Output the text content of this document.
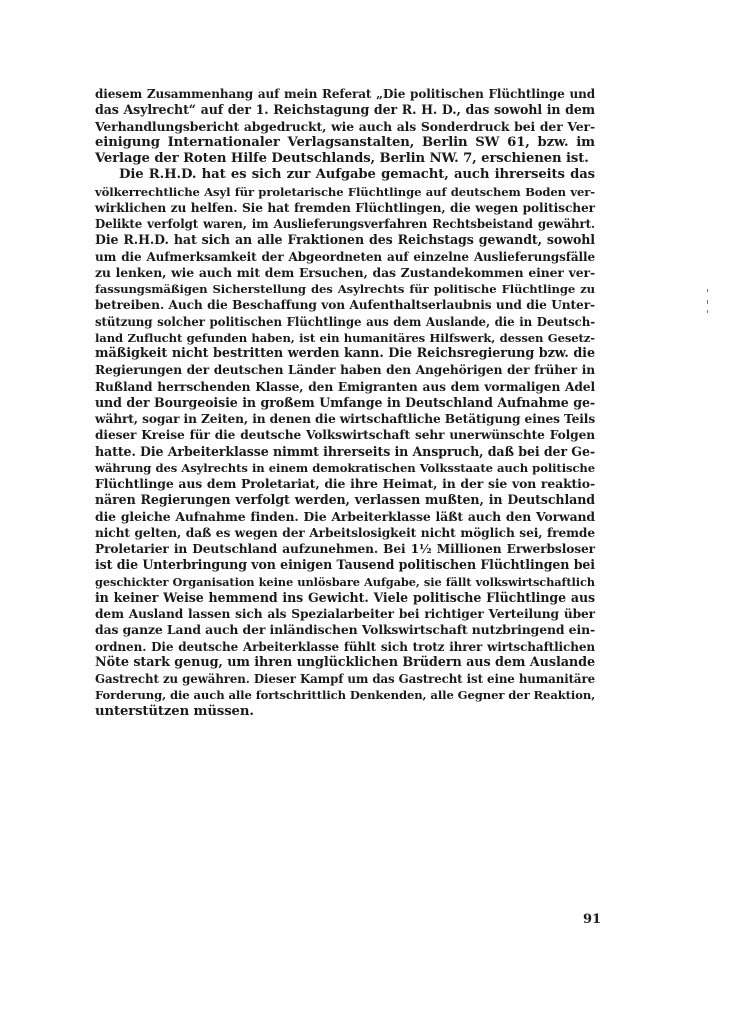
diesem Zusammenhang auf mein Referat „Die politischen Flüchtlinge und
das Asylrecht“ auf der 1. Reichstagung der R. H. D., das sowohl in dem
Verhandlungsbericht abgedruckt, wie auch als Sonderdruck bei der Ver-
einigung Internationaler Verlagsanstalten, Berlin SW 61, bzw. im
Verlage der Roten Hilfe Deutschlands, Berlin NW. 7, erschienen ist.
Die R.H.D. hat es sich zur Aufgabe gemacht, auch ihrerseits das
völkerrechtliche Asyl für proletarische Flüchtlinge auf deutschem Boden ver-
wirklichen zu helfen. Sie hat fremden Flüchtlingen, die wegen politischer
Delikte verfolgt waren, im Auslieferungsverfahren Rechtsbeistand gewährt.
Die R.H.D. hat sich an alle Fraktionen des Reichstags gewandt, sowohl
um die Aufmerksamkeit der Abgeordneten auf einzelne Auslieferungsfälle
zu lenken, wie auch mit dem Ersuchen, das Zustandekommen einer ver-
fassungsmäßigen Sicherstellung des Asylrechts für politische Flüchtlinge zu
betreiben. Auch die Beschaffung von Aufenthaltserlaubnis und die Unter-
stützung solcher politischen Flüchtlinge aus dem Auslande, die in Deutsch-
land Zuflucht gefunden haben, ist ein humanitäres Hilfswerk, dessen Gesetz-
mäßigkeit nicht bestritten werden kann. Die Reichsregierung bzw. die
Regierungen der deutschen Länder haben den Angehörigen der früher in
Rußland herrschenden Klasse, den Emigranten aus dem vormaligen Adel
und der Bourgeoisie in großem Umfange in Deutschland Aufnahme ge-
währt, sogar in Zeiten, in denen die wirtschaftliche Betätigung eines Teils
dieser Kreise für die deutsche Volkswirtschaft sehr unerwünschte Folgen
hatte. Die Arbeiterklasse nimmt ihrerseits in Anspruch, daß bei der Ge-
währung des Asylrechts in einem demokratischen Volksstaate auch politische
Flüchtlinge aus dem Proletariat, die ihre Heimat, in der sie von reaktio-
nären Regierungen verfolgt werden, verlassen mußten, in Deutschland
die gleiche Aufnahme finden. Die Arbeiterklasse läßt auch den Vorwand
nicht gelten, daß es wegen der Arbeitslosigkeit nicht möglich sei, fremde
Proletarier in Deutschland aufzunehmen. Bei 1½ Millionen Erwerbsloser
ist die Unterbringung von einigen Tausend politischen Flüchtlingen bei
geschickter Organisation keine unlösbare Aufgabe, sie fällt volkswirtschaftlich
in keiner Weise hemmend ins Gewicht. Viele politische Flüchtlinge aus
dem Ausland lassen sich als Spezialarbeiter bei richtiger Verteilung über
das ganze Land auch der inländischen Volkswirtschaft nutzbringend ein-
ordnen. Die deutsche Arbeiterklasse fühlt sich trotz ihrer wirtschaftlichen
Nöte stark genug, um ihren unglücklichen Brüdern aus dem Auslande
Gastrecht zu gewähren. Dieser Kampf um das Gastrecht ist eine humanitäre
Forderung, die auch alle fortschrittlich Denkenden, alle Gegner der Reaktion,
unterstützen müssen.
91
